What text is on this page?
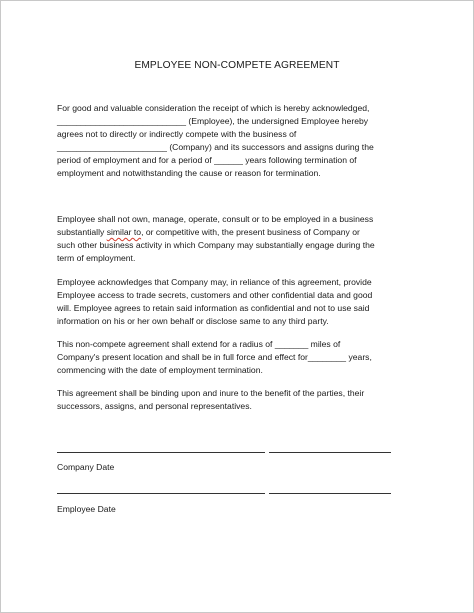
EMPLOYEE NON-COMPETE AGREEMENT

For good and valuable consideration the receipt of which is hereby acknowledged,
___________________________ (Employee), the undersigned Employee hereby
agrees not to directly or indirectly compete with the business of
_______________________ (Company) and its successors and assigns during the
period of employment and for a period of ______ years following termination of
employment and notwithstanding the cause or reason for termination.

Employee shall not own, manage, operate, consult or to be employed in a business
substantially similar to, or competitive with, the present business of Company or
such other business activity in which Company may substantially engage during the
term of employment.

Employee acknowledges that Company may, in reliance of this agreement, provide
Employee access to trade secrets, customers and other confidential data and good
will. Employee agrees to retain said information as confidential and not to use said
information on his or her own behalf or disclose same to any third party.

This non-compete agreement shall extend for a radius of _______ miles of
Company's present location and shall be in full force and effect for________ years,
commencing with the date of employment termination.

This agreement shall be binding upon and inure to the benefit of the parties, their
successors, assigns, and personal representatives.

Company Date
Employee Date
